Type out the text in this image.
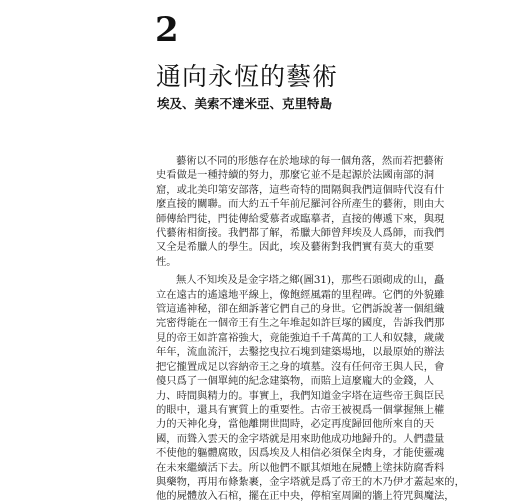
2
通向永恆的藝術
埃及、美索不達米亞、克里特島
藝術以不同的形態存在於地球的每一個角落，然而若把藝術
史看做是一種持續的努力，那麼它並不是起源於法國南部的洞
窟，或北美印第安部落，這些奇特的間隔與我們這個時代沒有什
麼直接的關聯。而大約五千年前尼羅河谷所產生的藝術，則由大
師傳給門徒，門徒傳給愛慕者或臨摹者，直接的傳遞下來，與現
代藝術相銜接。我們都了解，希臘大師曾拜埃及人爲師，而我們
又全是希臘人的學生。因此，埃及藝術對我們實有莫大的重要
性。
無人不知埃及是金字塔之鄉(圖31)，那些石頭砌成的山，矗
立在遠古的遙遠地平線上，像飽經風霜的里程碑。它們的外貌雖
管這遙神秘，卻在細訴著它們自己的身世。它們訴說著一個組織
完密得能在一個帝王有生之年堆起如許巨塚的國度，告訴我們那
見的帝王如許富裕強大，竟能強迫千千萬萬的工人和奴隸，歲歲
年年，流血流汗，去鑿挖曳拉石塊到建築場地，以最原始的辦法
把它攏置成足以容納帝王之身的墳墓。沒有任何帝王與人民，會
傻只爲了一個單純的紀念建築物，而賠上這麼龐大的金錢，人
力、時間與精力的。事實上，我們知道金字塔在這些帝王與臣民
的眼中，還具有實質上的重要性。古帝王被視爲一個掌握無上權
力的天神化身，當他離開世間時，必定再度歸回他所來自的天
國，而聳入雲天的金字塔就是用來助他成功地歸升的。人們盡量
不使他的軀體腐敗，因爲埃及人相信必須保全肉身，才能使靈魂
在未來繼續活下去。所以他們不厭其煩地在屍體上塗抹防腐香料
與藥物，再用布條紮裹，金字塔就是爲了帝王的木乃伊才蓋起來的，
他的屍體放入石棺，擺在正中央，停棺室周圍的牆上符咒與魔法，
